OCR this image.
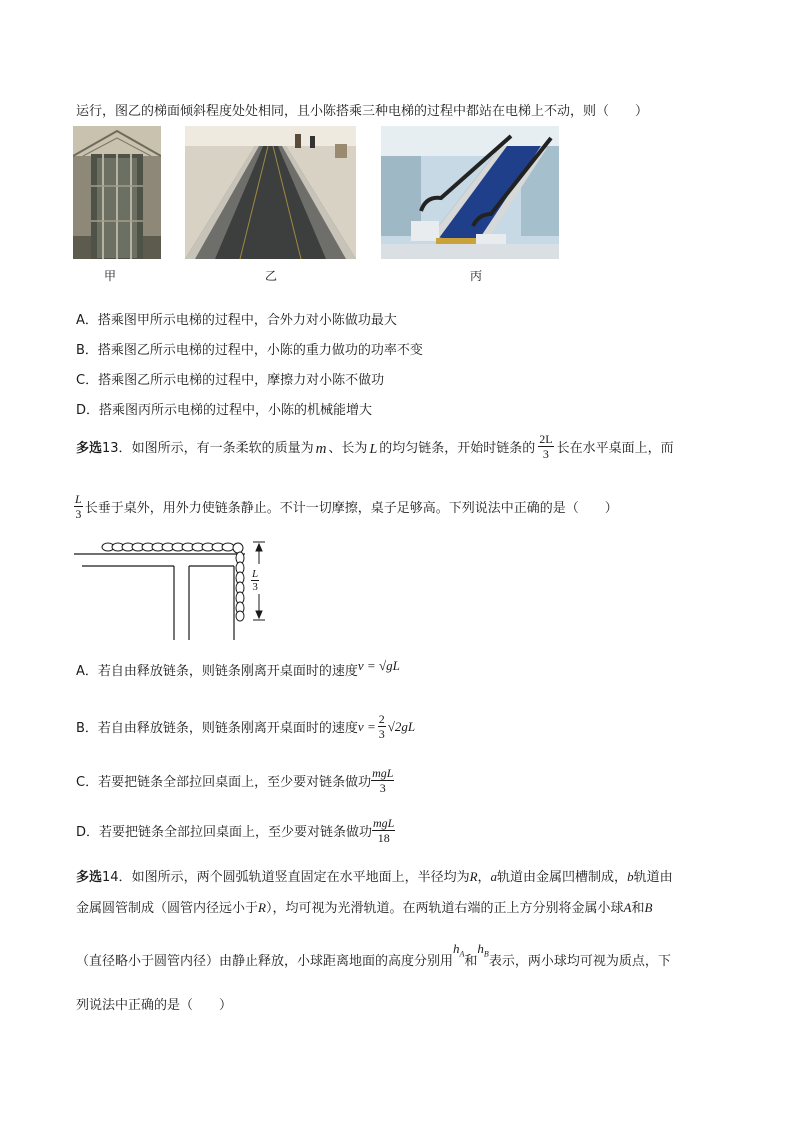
运行，图乙的梯面倾斜程度处处相同，且小陈搭乘三种电梯的过程中都站在电梯上不动，则（　　）
甲	乙	丙
A．搭乘图甲所示电梯的过程中，合外力对小陈做功最大
B．搭乘图乙所示电梯的过程中，小陈的重力做功的功率不变
C．搭乘图乙所示电梯的过程中，摩擦力对小陈不做功
D．搭乘图丙所示电梯的过程中，小陈的机械能增大
多选 13． 如图所示，有一条柔软的质量为 m 、长为 L 的均匀链条，开始时链条的 $\frac{2L}{3}$ 长在水平桌面上，而
$\frac{L}{3}$ 长垂于桌外，用外力使链条静止。不计一切摩擦，桌子足够高。下列说法中正确的是（　　）
$\frac{L}{3}$
A．若自由释放链条，则链条刚离开桌面时的速度 v = √gL
B．若自由释放链条，则链条刚离开桌面时的速度 $v = \frac{2}{3} √2gL$
C．若要把链条全部拉回桌面上，至少要对链条做功 $\frac{\text{mgL}}{3}$
D．若要把链条全部拉回桌面上，至少要对链条做功 $\frac{\text{mgL}}{18}$
多选14．如图所示，两个圆弧轨道竖直固定在水平地面上，半径均为R，a轨道由金属凹槽制成，b轨道由
金属圆管制成（圆管内径远小于R），均可视为光滑轨道。在两轨道右端的正上方分别将金属小球A和B
（直径略小于圆管内径）由静止释放，小球距离地面的高度分别用
$h_A$ 和
$h_B$ 表示，两小球均可视为质点，下
列说法中正确的是（　　）
